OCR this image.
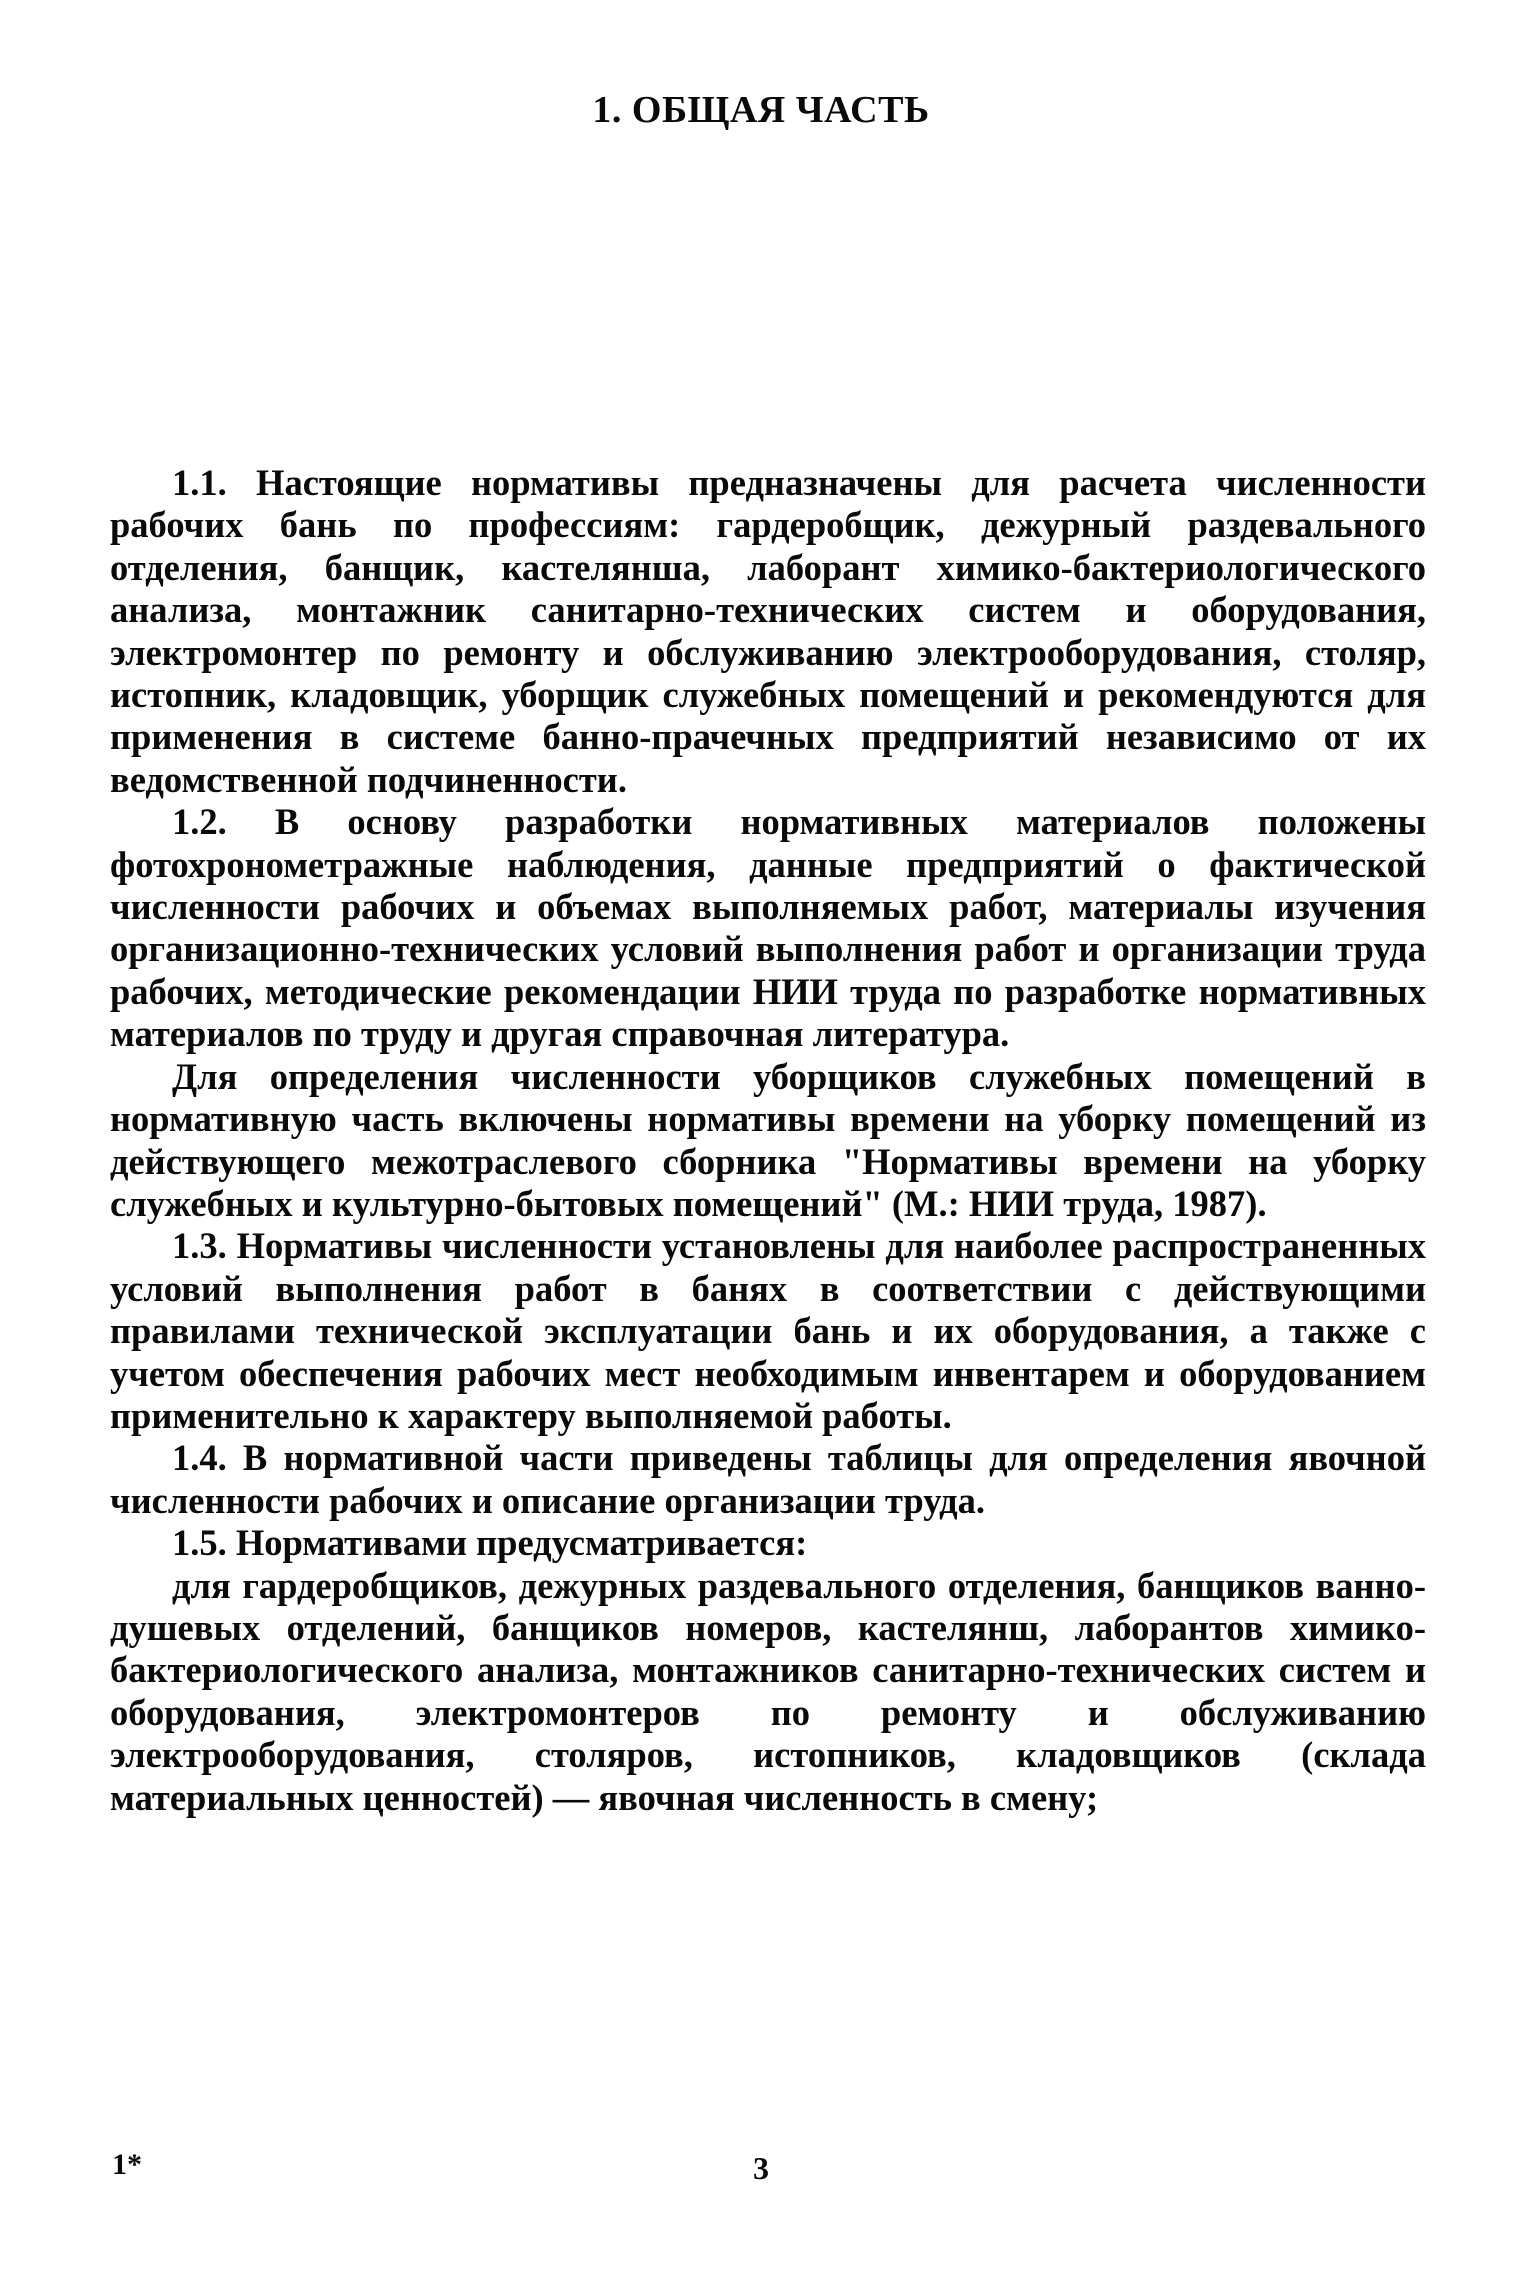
1. ОБЩАЯ ЧАСТЬ

1.1. Настоящие нормативы предназначены для расчета численности рабочих бань по профессиям: гардеробщик, дежурный раздевального отделения, банщик, кастелянша, лаборант химико-бактериологического анализа, монтажник санитарно-технических систем и оборудования, электромонтер по ремонту и обслуживанию электрооборудования, столяр, истопник, кладовщик, уборщик служебных помещений и рекомендуются для применения в системе банно-прачечных предприятий независимо от их ведомственной подчиненности.

1.2. В основу разработки нормативных материалов положены фотохронометражные наблюдения, данные предприятий о фактической численности рабочих и объемах выполняемых работ, материалы изучения организационно-технических условий выполнения работ и организации труда рабочих, методические рекомендации НИИ труда по разработке нормативных материалов по труду и другая справочная литература.

Для определения численности уборщиков служебных помещений в нормативную часть включены нормативы времени на уборку помещений из действующего межотраслевого сборника "Нормативы времени на уборку служебных и культурно-бытовых помещений" (М.: НИИ труда, 1987).

1.3. Нормативы численности установлены для наиболее распространенных условий выполнения работ в банях в соответствии с действующими правилами технической эксплуатации бань и их оборудования, а также с учетом обеспечения рабочих мест необходимым инвентарем и оборудованием применительно к характеру выполняемой работы.

1.4. В нормативной части приведены таблицы для определения явочной численности рабочих и описание организации труда.

1.5. Нормативами предусматривается:

для гардеробщиков, дежурных раздевального отделения, банщиков ванно-душевых отделений, банщиков номеров, кастелянш, лаборантов химико-бактериологического анализа, монтажников санитарно-технических систем и оборудования, электромонтеров по ремонту и обслуживанию электрооборудования, столяров, истопников, кладовщиков (склада материальных ценностей) — явочная численность в смену;

1*	3
